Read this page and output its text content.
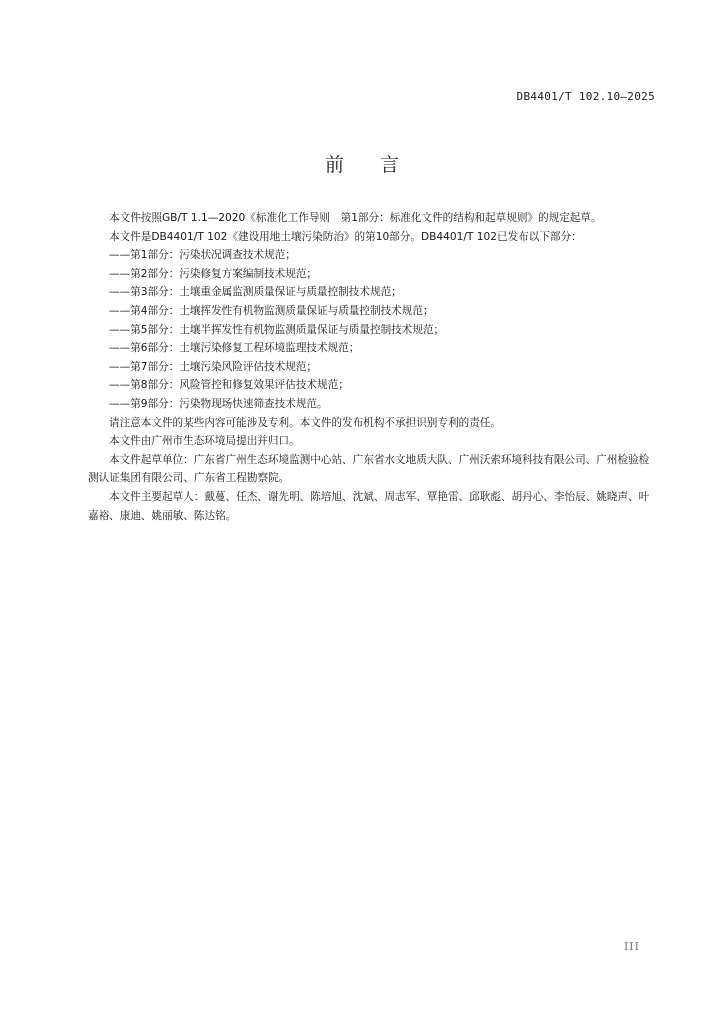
DB4401/T 102.10—2025
前言

本文件按照GB/T 1.1—2020《标准化工作导则　第1部分：标准化文件的结构和起草规则》的规定起草。

本文件是DB4401/T 102《建设用地土壤污染防治》的第10部分。DB4401/T 102已发布以下部分：

——第1部分：污染状况调查技术规范；
——第2部分：污染修复方案编制技术规范；
——第3部分：土壤重金属监测质量保证与质量控制技术规范；
——第4部分：土壤挥发性有机物监测质量保证与质量控制技术规范；
——第5部分：土壤半挥发性有机物监测质量保证与质量控制技术规范；
——第6部分：土壤污染修复工程环境监理技术规范；
——第7部分：土壤污染风险评估技术规范；
——第8部分：风险管控和修复效果评估技术规范；
——第9部分：污染物现场快速筛查技术规范。

请注意本文件的某些内容可能涉及专利。本文件的发布机构不承担识别专利的责任。

本文件由广州市生态环境局提出并归口。

本文件起草单位：广东省广州生态环境监测中心站、广东省水文地质大队、广州沃索环境科技有限公司、广州检验检测认证集团有限公司、广东省工程勘察院。

本文件主要起草人：戴蔓、任杰、谢先明、陈培旭、沈斌、周志军、覃艳雷、邱耿彪、胡丹心、李怡辰、姚晓声、叶嘉裕、康迪、姚丽敏、陈达铭。

III
